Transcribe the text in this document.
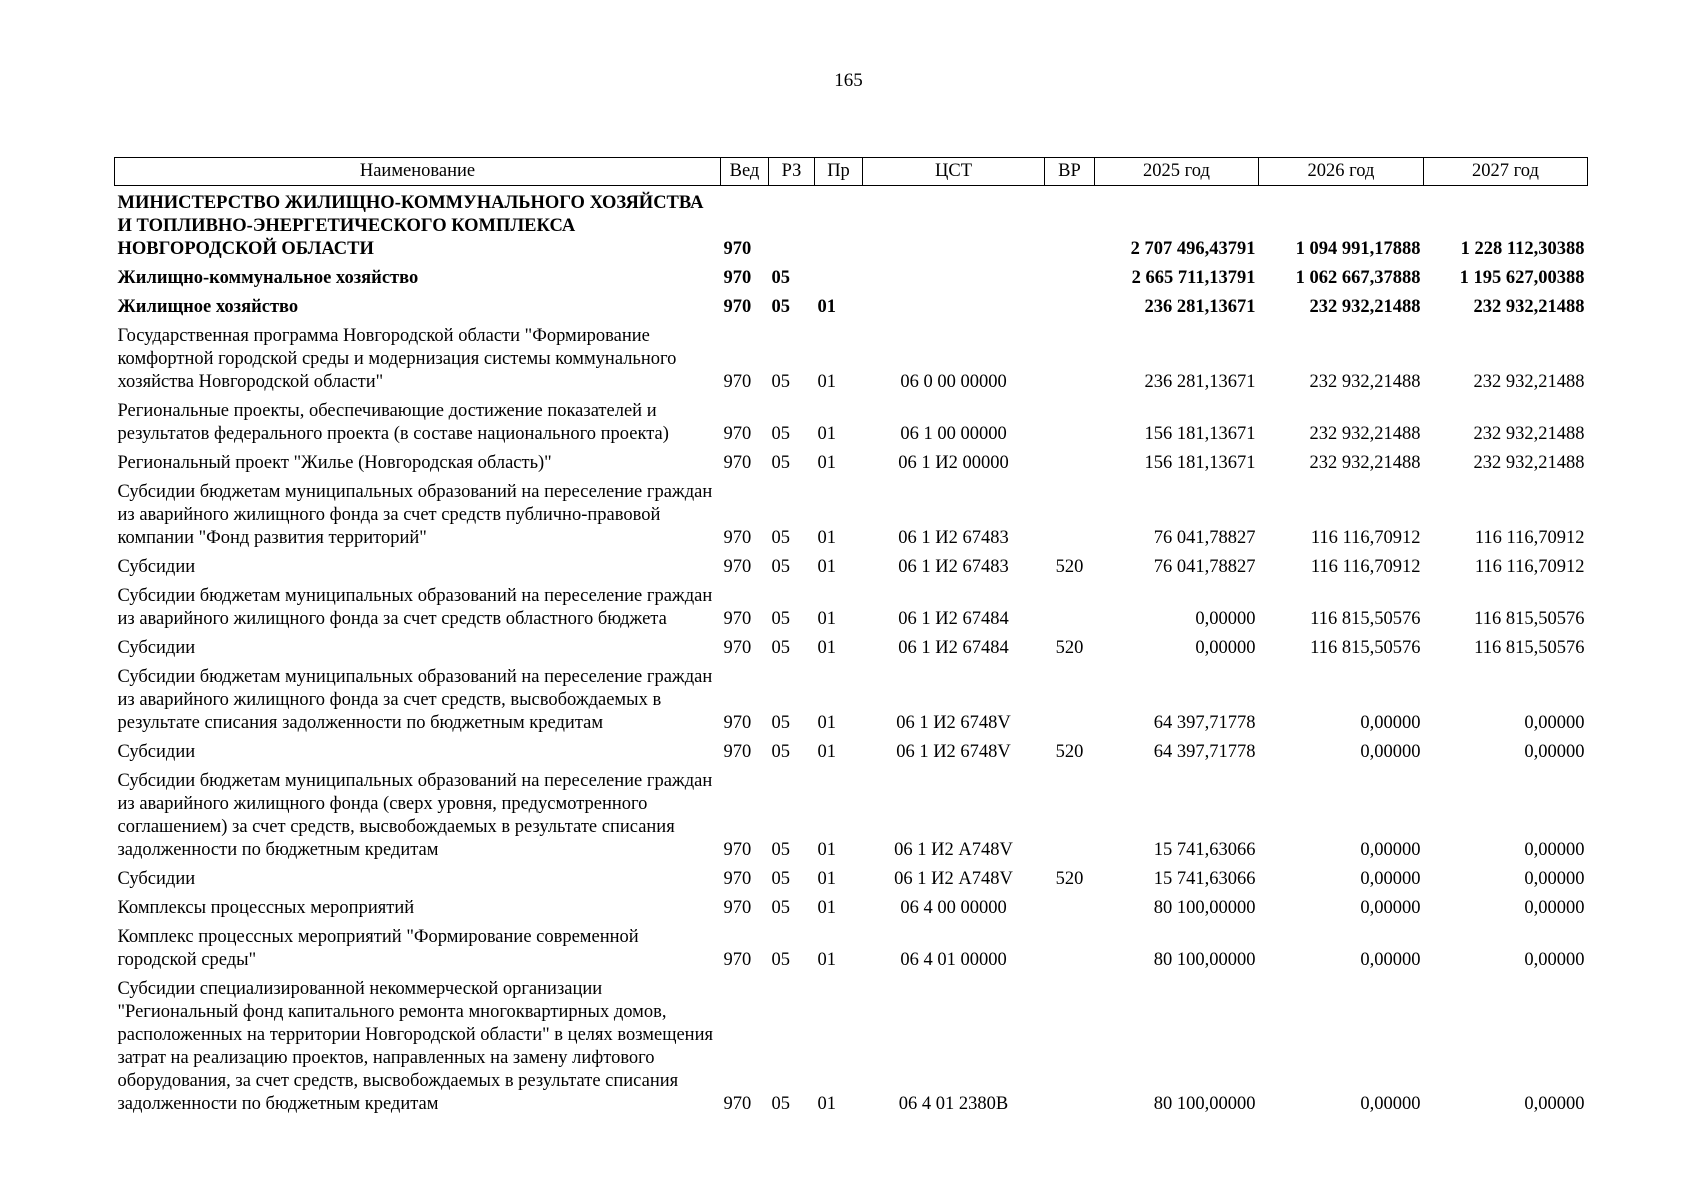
165
Наименование	Вед	РЗ	Пр	ЦСТ	ВР	2025 год	2026 год	2027 год
МИНИСТЕРСТВО ЖИЛИЩНО-КОММУНАЛЬНОГО ХОЗЯЙСТВА И ТОПЛИВНО-ЭНЕРГЕТИЧЕСКОГО КОМПЛЕКСА НОВГОРОДСКОЙ ОБЛАСТИ	970					2 707 496,43791	1 094 991,17888	1 228 112,30388
Жилищно-коммунальное хозяйство	970	05				2 665 711,13791	1 062 667,37888	1 195 627,00388
Жилищное хозяйство	970	05	01			236 281,13671	232 932,21488	232 932,21488
Государственная программа Новгородской области "Формирование комфортной городской среды и модернизация системы коммунального хозяйства Новгородской области"	970	05	01	06 0 00 00000		236 281,13671	232 932,21488	232 932,21488
Региональные проекты, обеспечивающие достижение показателей и результатов федерального проекта (в составе национального проекта)	970	05	01	06 1 00 00000		156 181,13671	232 932,21488	232 932,21488
Региональный проект "Жилье (Новгородская область)"	970	05	01	06 1 И2 00000		156 181,13671	232 932,21488	232 932,21488
Субсидии бюджетам муниципальных образований на переселение граждан из аварийного жилищного фонда за счет средств публично-правовой компании "Фонд развития территорий"	970	05	01	06 1 И2 67483		76 041,78827	116 116,70912	116 116,70912
Субсидии	970	05	01	06 1 И2 67483	520	76 041,78827	116 116,70912	116 116,70912
Субсидии бюджетам муниципальных образований на переселение граждан из аварийного жилищного фонда за счет средств областного бюджета	970	05	01	06 1 И2 67484		0,00000	116 815,50576	116 815,50576
Субсидии	970	05	01	06 1 И2 67484	520	0,00000	116 815,50576	116 815,50576
Субсидии бюджетам муниципальных образований на переселение граждан из аварийного жилищного фонда за счет средств, высвобождаемых в результате списания задолженности по бюджетным кредитам	970	05	01	06 1 И2 6748V		64 397,71778	0,00000	0,00000
Субсидии	970	05	01	06 1 И2 6748V	520	64 397,71778	0,00000	0,00000
Субсидии бюджетам муниципальных образований на переселение граждан из аварийного жилищного фонда (сверх уровня, предусмотренного соглашением) за счет средств, высвобождаемых в результате списания задолженности по бюджетным кредитам	970	05	01	06 1 И2 А748V		15 741,63066	0,00000	0,00000
Субсидии	970	05	01	06 1 И2 А748V	520	15 741,63066	0,00000	0,00000
Комплексы процессных мероприятий	970	05	01	06 4 00 00000		80 100,00000	0,00000	0,00000
Комплекс процессных мероприятий "Формирование современной городской среды"	970	05	01	06 4 01 00000		80 100,00000	0,00000	0,00000
Субсидии специализированной некоммерческой организации "Региональный фонд капитального ремонта многоквартирных домов, расположенных на территории Новгородской области" в целях возмещения затрат на реализацию проектов, направленных на замену лифтового оборудования, за счет средств, высвобождаемых в результате списания задолженности по бюджетным кредитам	970	05	01	06 4 01 2380В		80 100,00000	0,00000	0,00000
